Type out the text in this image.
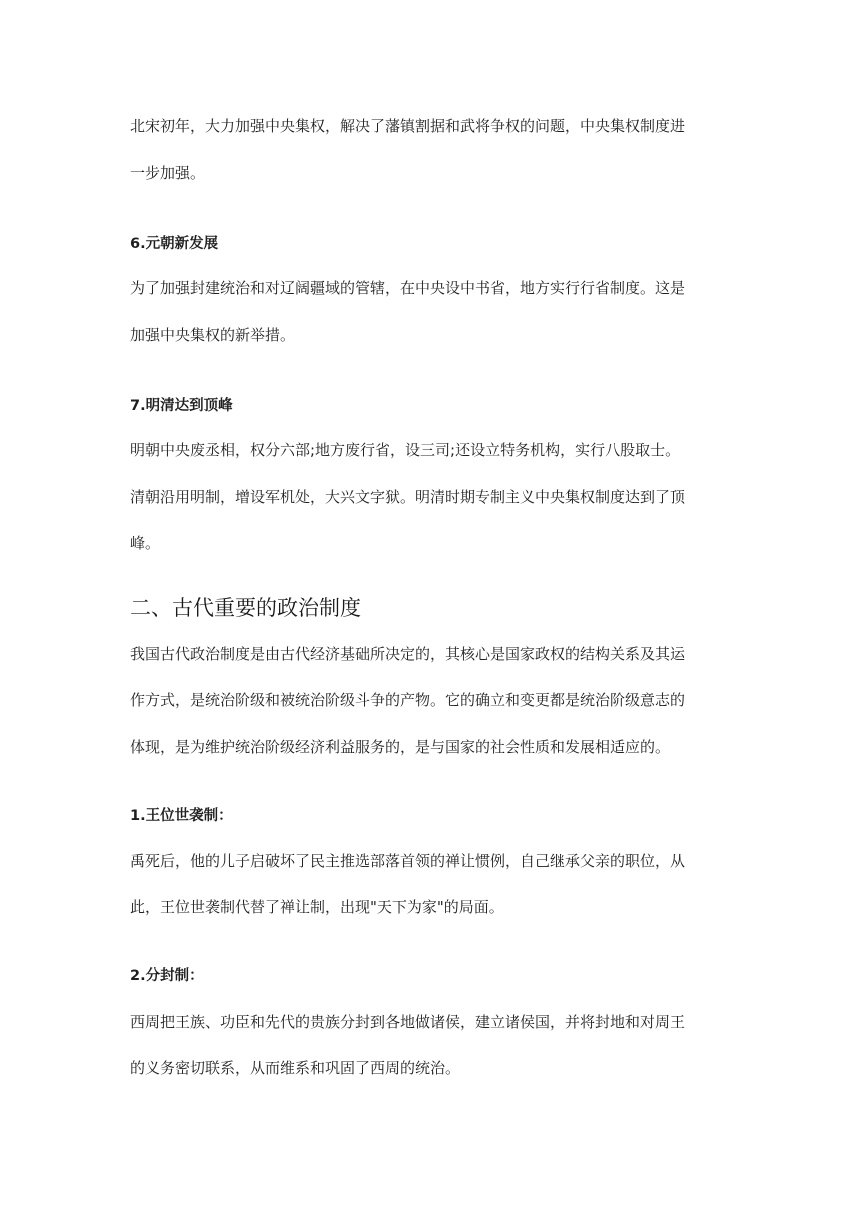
北宋初年，大力加强中央集权，解决了藩镇割据和武将争权的问题，中央集权制度进
一步加强。
6.元朝新发展
为了加强封建统治和对辽阔疆域的管辖，在中央设中书省，地方实行行省制度。这是
加强中央集权的新举措。
7.明清达到顶峰
明朝中央废丞相，权分六部;地方废行省，设三司;还设立特务机构，实行八股取士。
清朝沿用明制，增设军机处，大兴文字狱。明清时期专制主义中央集权制度达到了顶
峰。
二、古代重要的政治制度
我国古代政治制度是由古代经济基础所决定的，其核心是国家政权的结构关系及其运
作方式，是统治阶级和被统治阶级斗争的产物。它的确立和变更都是统治阶级意志的
体现，是为维护统治阶级经济利益服务的，是与国家的社会性质和发展相适应的。
1.王位世袭制：
禹死后，他的儿子启破坏了民主推选部落首领的禅让惯例，自己继承父亲的职位，从
此，王位世袭制代替了禅让制，出现"天下为家"的局面。
2.分封制：
西周把王族、功臣和先代的贵族分封到各地做诸侯，建立诸侯国，并将封地和对周王
的义务密切联系，从而维系和巩固了西周的统治。
